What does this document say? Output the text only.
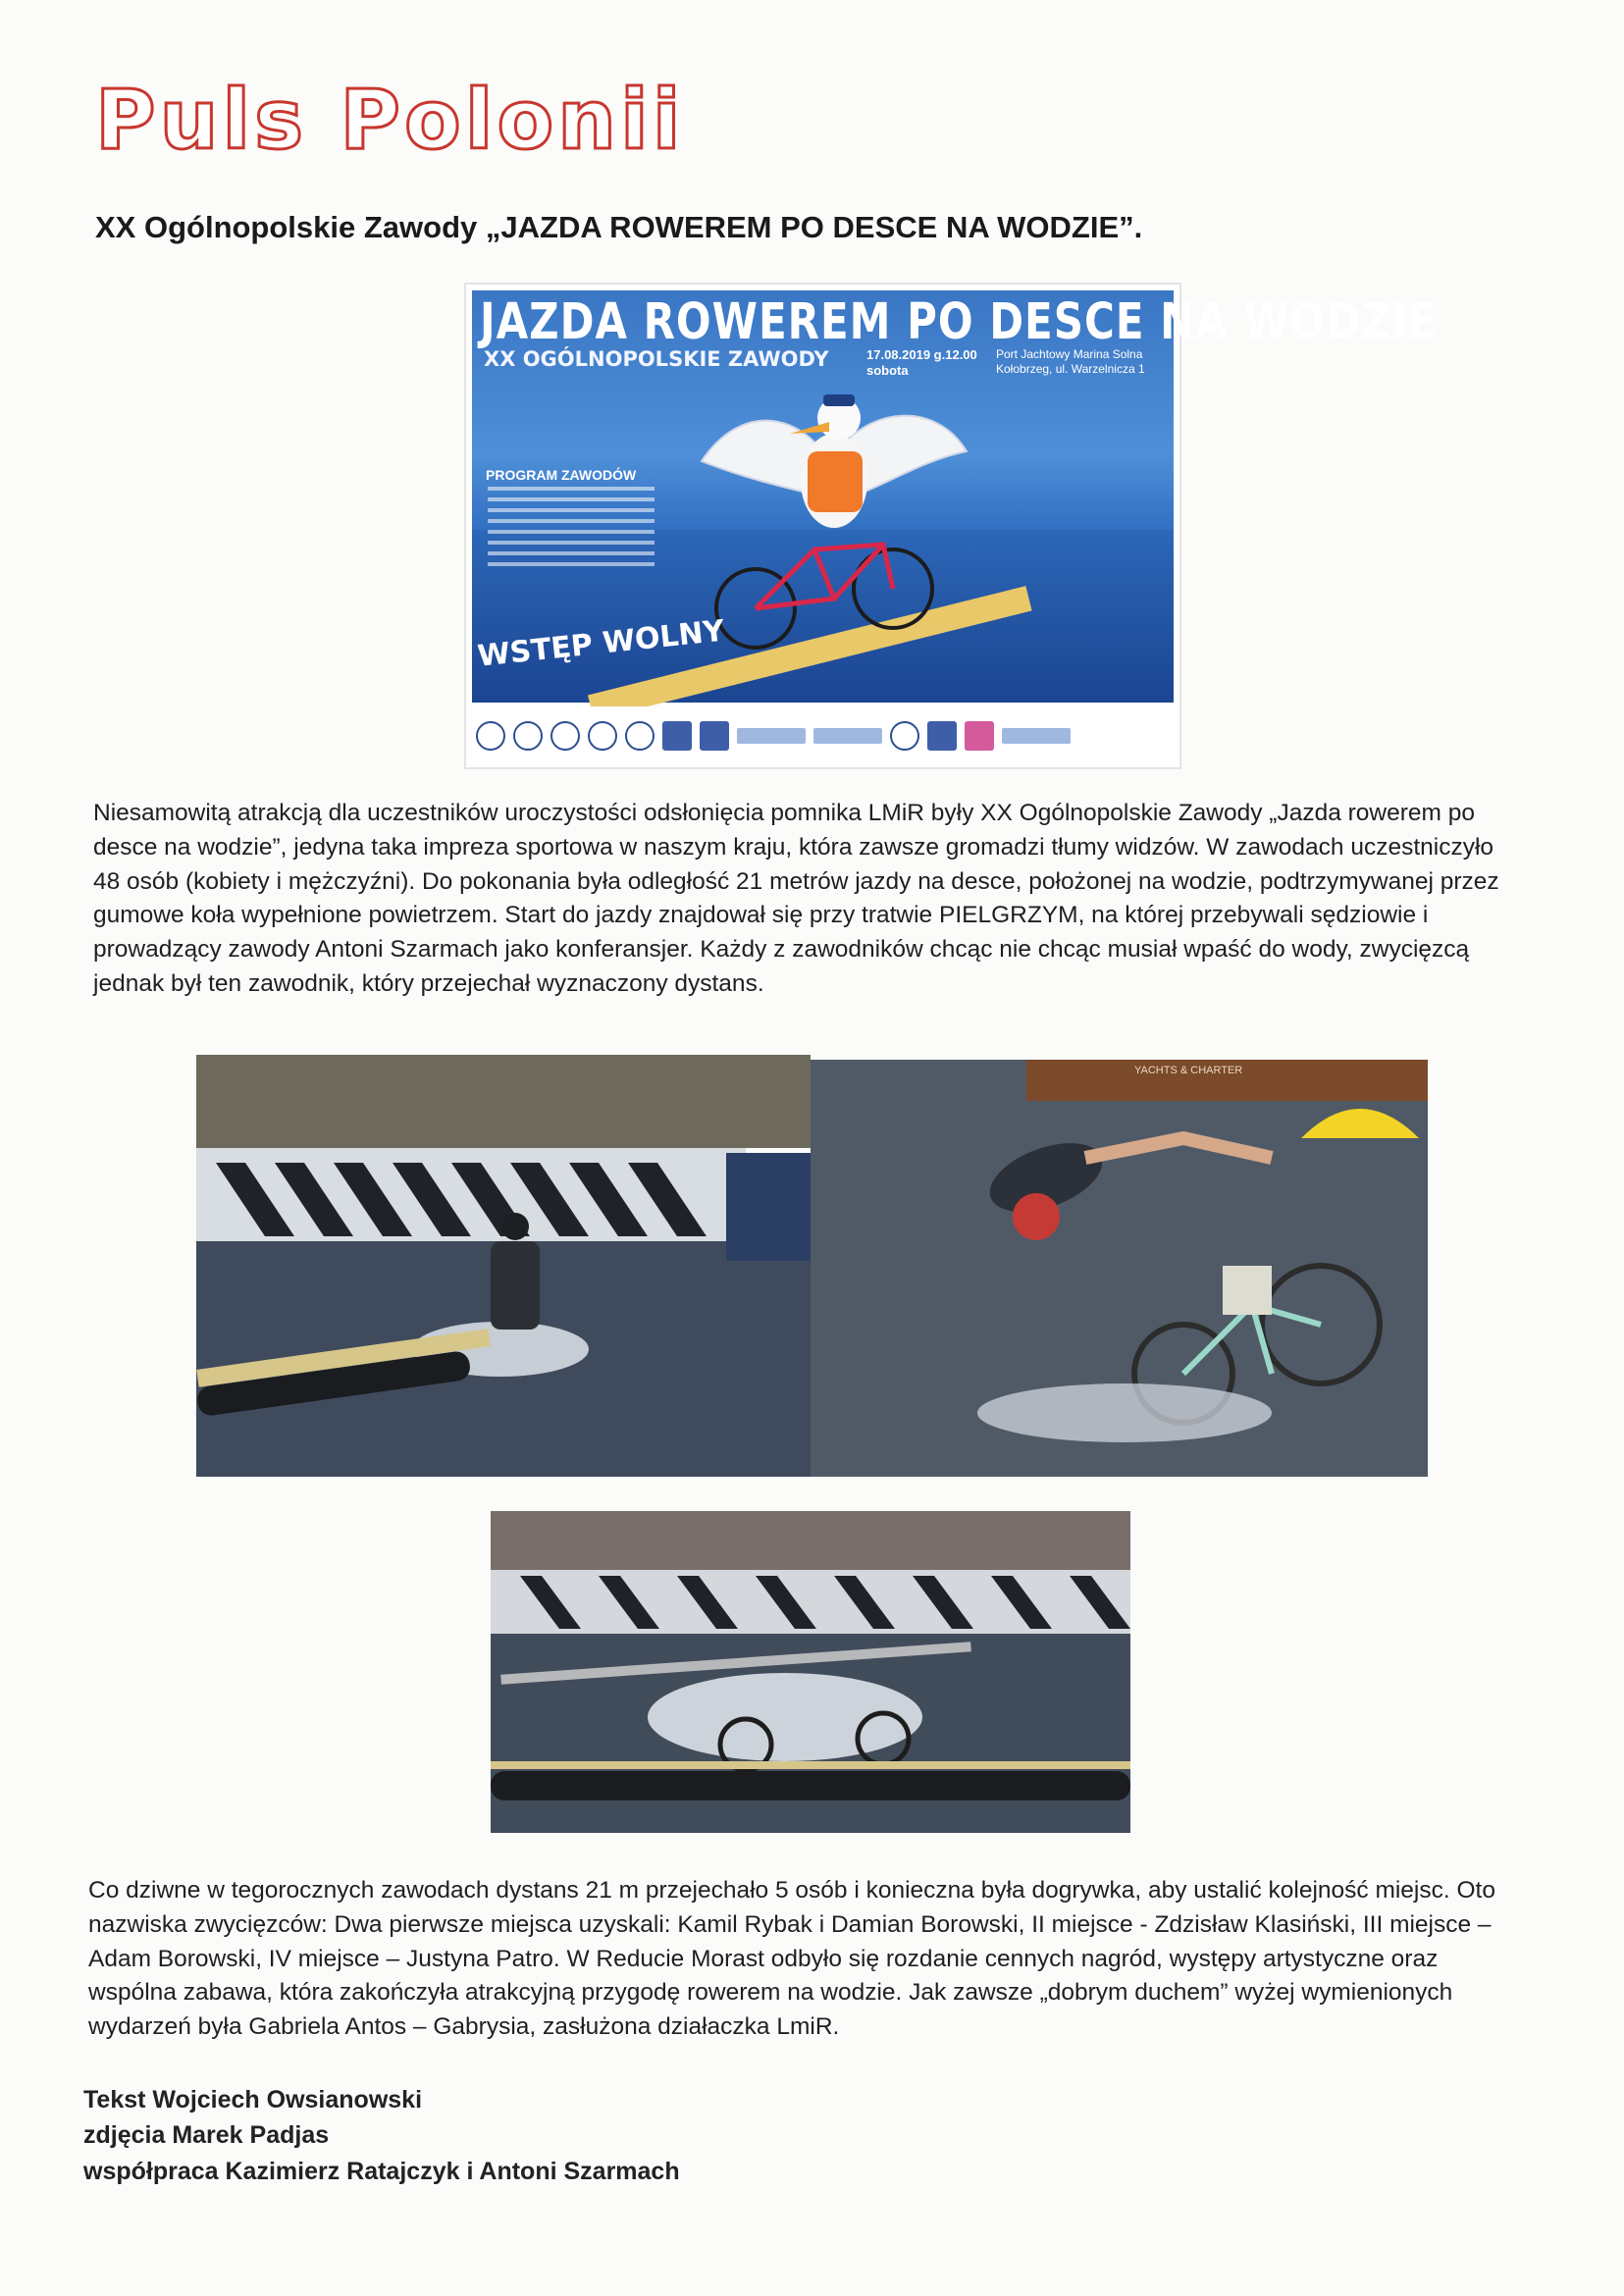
Puls Polonii
XX Ogólnopolskie Zawody „JAZDA ROWEREM PO DESCE NA WODZIE”.

JAZDA ROWEREM PO DESCE NA WODZIE

XX OGÓLNOPOLSKIE ZAWODY	17.08.2019 g.12.00
sobota
Port Jachtowy Marina Solna
Kołobrzeg, ul. Warzelnicza 1
PROGRAM ZAWODÓW

WSTĘP WOLNY

Niesamowitą atrakcją dla uczestników uroczystości odsłonięcia pomnika LMiR były XX Ogólnopolskie Zawody „Jazda rowerem po desce na wodzie”, jedyna taka impreza sportowa w naszym kraju, która zawsze gromadzi tłumy widzów. W zawodach uczestniczyło 48 osób (kobiety i mężczyźni). Do pokonania była odległość 21 metrów jazdy na desce, położonej na wodzie, podtrzymywanej przez gumowe koła wypełnione powietrzem. Start do jazdy znajdował się przy tratwie PIELGRZYM, na której przebywali sędziowie i prowadzący zawody Antoni Szarmach jako konferansjer. Każdy z zawodników chcąc nie chcąc musiał wpaść do wody, zwycięzcą jednak był ten zawodnik, który przejechał wyznaczony dystans.

YACHTS & CHARTER

Co dziwne w tegorocznych zawodach dystans 21 m przejechało 5 osób i konieczna była dogrywka, aby ustalić kolejność miejsc. Oto nazwiska zwycięzców: Dwa pierwsze miejsca uzyskali: Kamil Rybak i Damian Borowski, II miejsce - Zdzisław Klasiński, III miejsce – Adam Borowski, IV miejsce – Justyna Patro. W Reducie Morast odbyło się rozdanie cennych nagród, występy artystyczne oraz wspólna zabawa, która zakończyła atrakcyjną przygodę rowerem na wodzie. Jak zawsze „dobrym duchem” wyżej wymienionych wydarzeń była Gabriela Antos – Gabrysia, zasłużona działaczka LmiR.

Tekst Wojciech Owsianowski

zdjęcia Marek Padjas

współpraca Kazimierz Ratajczyk i Antoni Szarmach
